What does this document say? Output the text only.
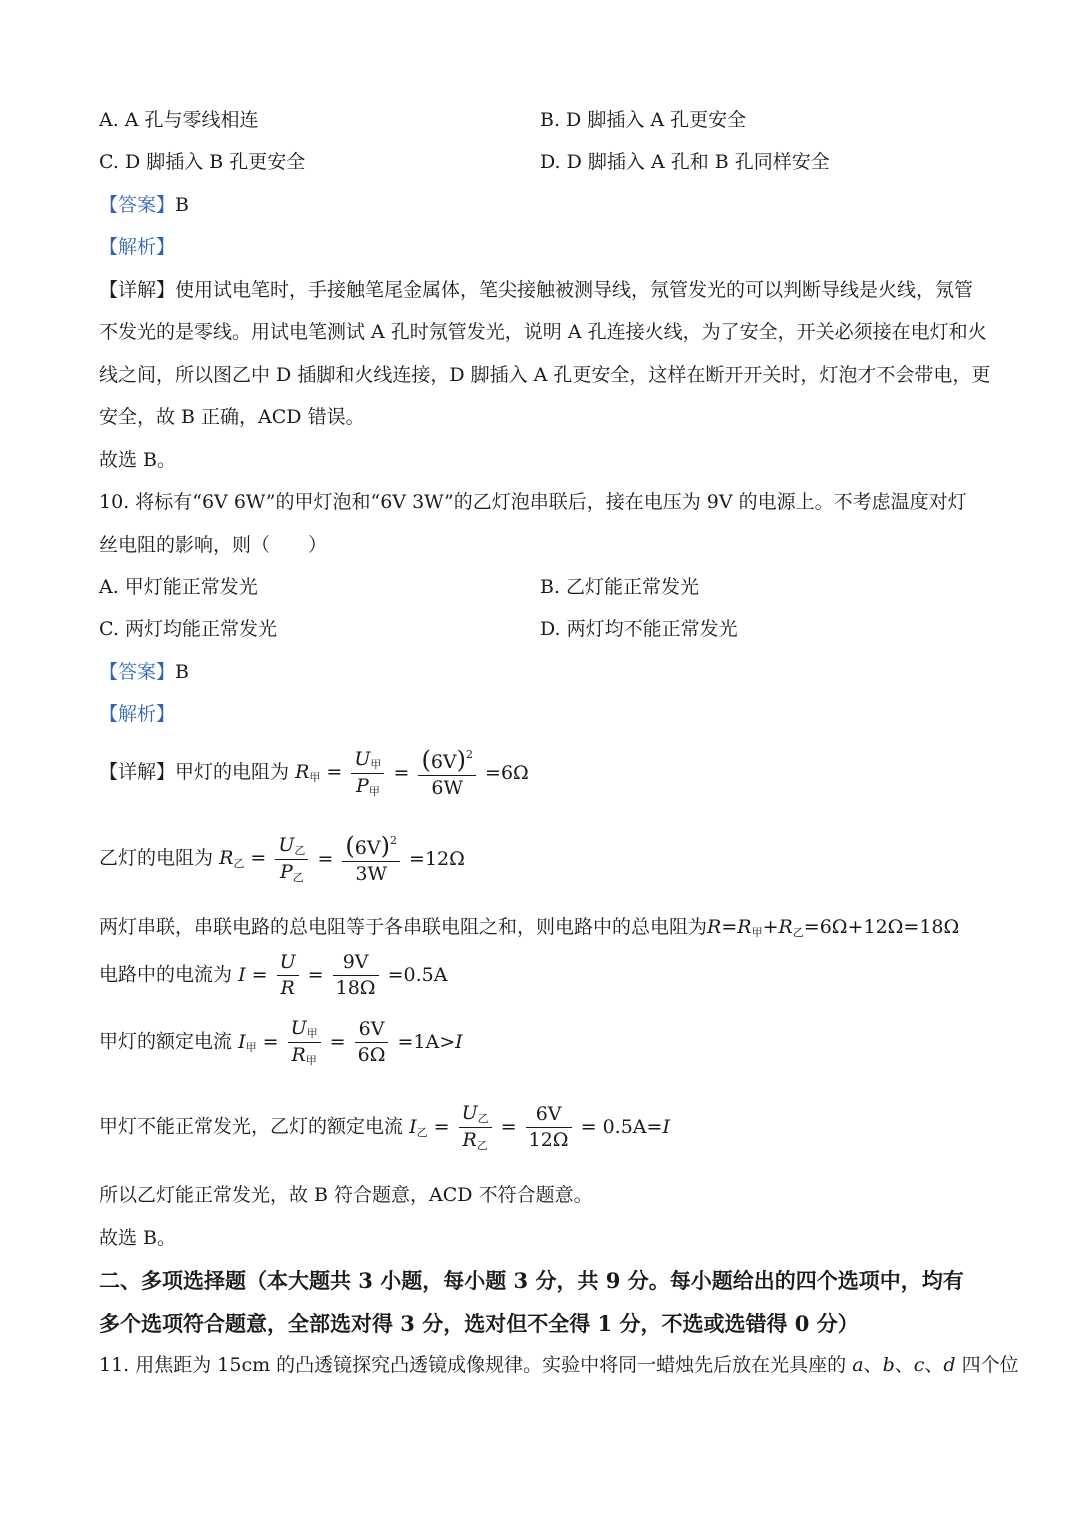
A. A 孔与零线相连	B. D 脚插入 A 孔更安全
C. D 脚插入 B 孔更安全	D. D 脚插入 A 孔和 B 孔同样安全
【答案】B
【解析】
【详解】使用试电笔时，手接触笔尾金属体，笔尖接触被测导线，氖管发光的可以判断导线是火线，氖管
不发光的是零线。用试电笔测试 A 孔时氖管发光，说明 A 孔连接火线，为了安全，开关必须接在电灯和火
线之间，所以图乙中 D 插脚和火线连接，D 脚插入 A 孔更安全，这样在断开开关时，灯泡才不会带电，更
安全，故 B 正确，ACD 错误。
故选 B。
10. 将标有“6V 6W”的甲灯泡和“6V 3W”的乙灯泡串联后，接在电压为 9V 的电源上。不考虑温度对灯
丝电阻的影响，则（　　）
A. 甲灯能正常发光	B. 乙灯能正常发光
C. 两灯均能正常发光	D. 两灯均不能正常发光
【答案】B
【解析】
【详解】甲灯的电阻为 $R_甲 = \frac{U_甲}{P_甲} = \frac{(6V)^2}{6W} =6\Omega$
乙灯的电阻为 $R_乙 = \frac{U_乙}{P_乙} = \frac{(6V)^2}{3W} =12\Omega$
两灯串联，串联电路的总电阻等于各串联电阻之和，则电路中的总电阻为$R=R_甲+R_乙=6\Omega+12\Omega=18\Omega$
电路中的电流为 $I = \frac{U}{R} = \frac{9V}{18\Omega} =0.5A$
甲灯的额定电流 $I_甲 = \frac{U_甲}{R_甲} = \frac{6V}{6\Omega} =1A>I$
甲灯不能正常发光，乙灯的额定电流 $I_乙 = \frac{U_乙}{R_乙} = \frac{6V}{12\Omega} = 0.5A=I$
所以乙灯能正常发光，故 B 符合题意，ACD 不符合题意。
故选 B。
二、多项选择题（本大题共 3 小题，每小题 3 分，共 9 分。每小题给出的四个选项中，均有
多个选项符合题意，全部选对得 3 分，选对但不全得 1 分，不选或选错得 0 分）
11. 用焦距为 15cm 的凸透镜探究凸透镜成像规律。实验中将同一蜡烛先后放在光具座的 a、b、c、d 四个位
